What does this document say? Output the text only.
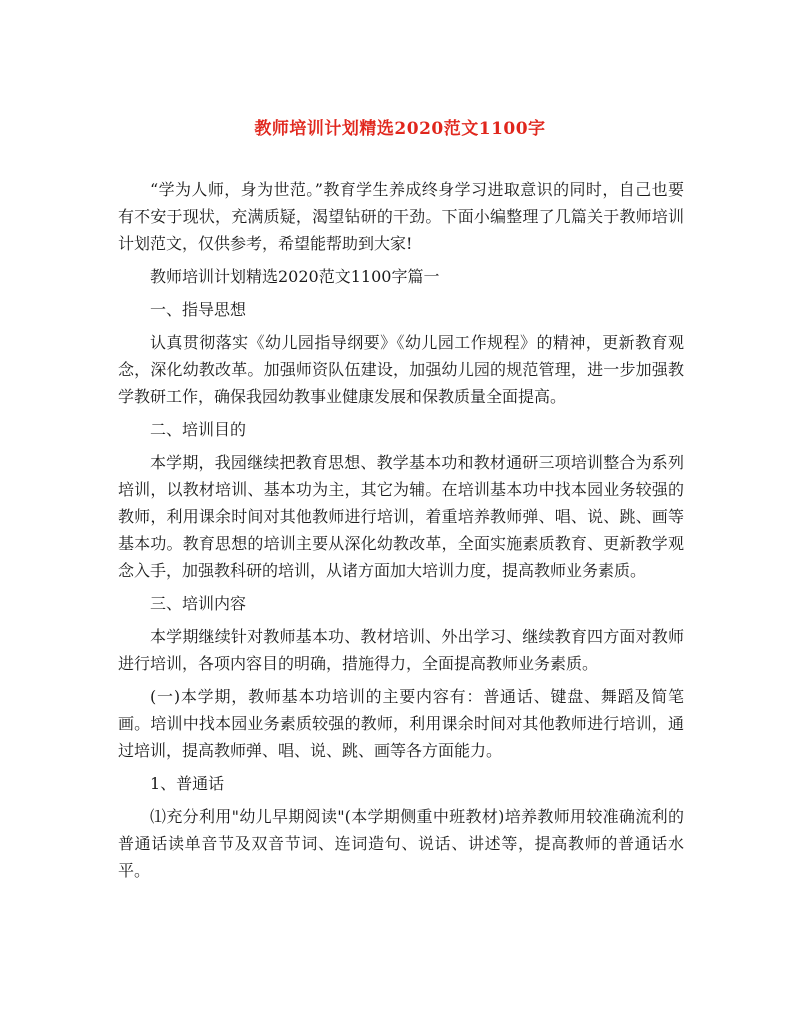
教师培训计划精选2020范文1100字

“学为人师，身为世范。”教育学生养成终身学习进取意识的同时，自己也要有不安于现状，充满质疑，渴望钻研的干劲。下面小编整理了几篇关于教师培训计划范文，仅供参考，希望能帮助到大家!

教师培训计划精选2020范文1100字篇一

一、指导思想

认真贯彻落实《幼儿园指导纲要》《幼儿园工作规程》的精神，更新教育观念，深化幼教改革。加强师资队伍建设，加强幼儿园的规范管理，进一步加强教学教研工作，确保我园幼教事业健康发展和保教质量全面提高。

二、培训目的

本学期，我园继续把教育思想、教学基本功和教材通研三项培训整合为系列培训，以教材培训、基本功为主，其它为辅。在培训基本功中找本园业务较强的教师，利用课余时间对其他教师进行培训，着重培养教师弹、唱、说、跳、画等基本功。教育思想的培训主要从深化幼教改革，全面实施素质教育、更新教学观念入手，加强教科研的培训，从诸方面加大培训力度，提高教师业务素质。

三、培训内容

本学期继续针对教师基本功、教材培训、外出学习、继续教育四方面对教师进行培训，各项内容目的明确，措施得力，全面提高教师业务素质。

(一)本学期，教师基本功培训的主要内容有：普通话、键盘、舞蹈及简笔画。培训中找本园业务素质较强的教师，利用课余时间对其他教师进行培训，通过培训，提高教师弹、唱、说、跳、画等各方面能力。

1、普通话

⑴充分利用"幼儿早期阅读"(本学期侧重中班教材)培养教师用较准确流利的普通话读单音节及双音节词、连词造句、说话、讲述等，提高教师的普通话水平。
